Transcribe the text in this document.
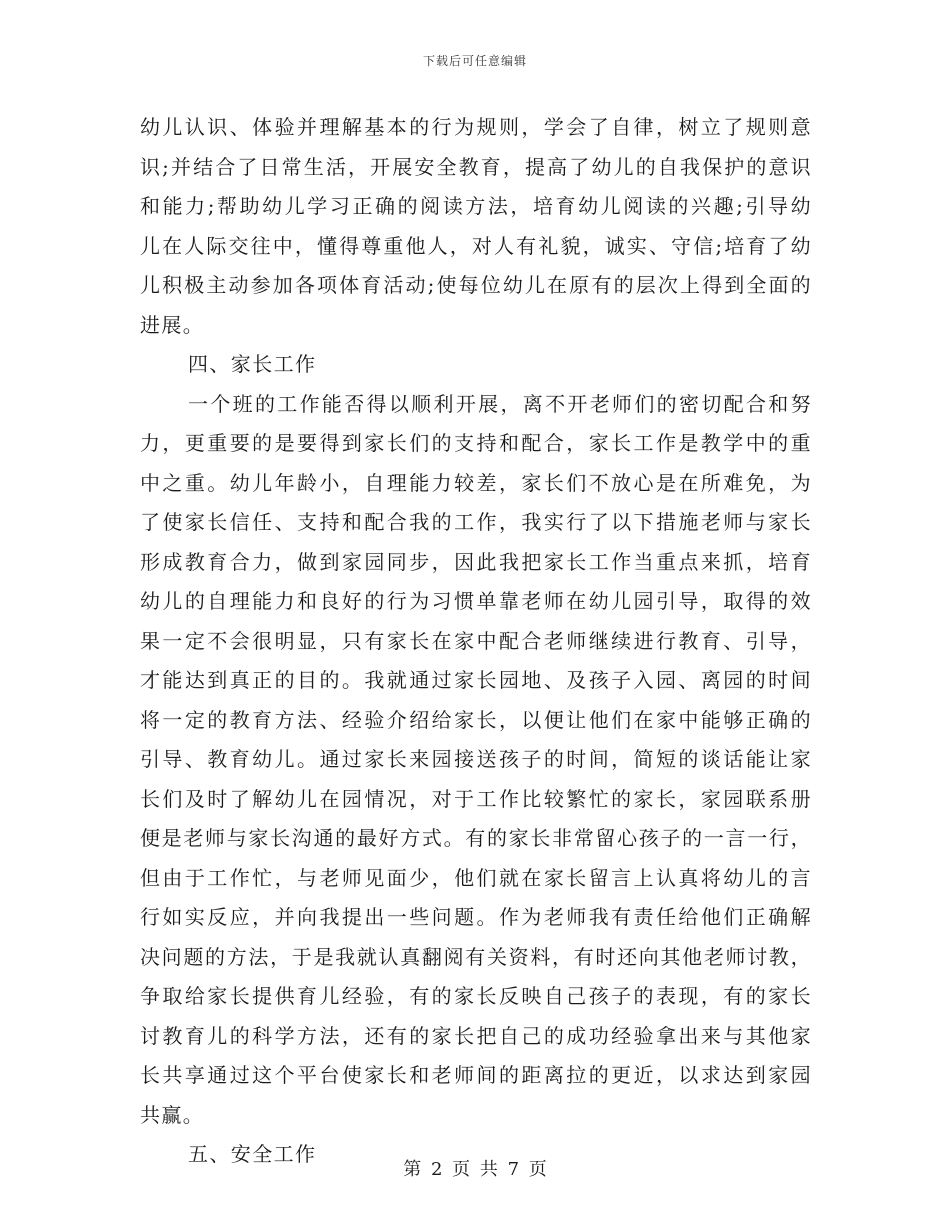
下载后可任意编辑
幼儿认识、体验并理解基本的行为规则，学会了自律，树立了规则意
识;并结合了日常生活，开展安全教育，提高了幼儿的自我保护的意识
和能力;帮助幼儿学习正确的阅读方法，培育幼儿阅读的兴趣;引导幼
儿在人际交往中，懂得尊重他人，对人有礼貌，诚实、守信;培育了幼
儿积极主动参加各项体育活动;使每位幼儿在原有的层次上得到全面的
进展。
四、家长工作
一个班的工作能否得以顺利开展，离不开老师们的密切配合和努
力，更重要的是要得到家长们的支持和配合，家长工作是教学中的重
中之重。幼儿年龄小，自理能力较差，家长们不放心是在所难免，为
了使家长信任、支持和配合我的工作，我实行了以下措施老师与家长
形成教育合力，做到家园同步，因此我把家长工作当重点来抓，培育
幼儿的自理能力和良好的行为习惯单靠老师在幼儿园引导，取得的效
果一定不会很明显，只有家长在家中配合老师继续进行教育、引导，
才能达到真正的目的。我就通过家长园地、及孩子入园、离园的时间
将一定的教育方法、经验介绍给家长，以便让他们在家中能够正确的
引导、教育幼儿。通过家长来园接送孩子的时间，简短的谈话能让家
长们及时了解幼儿在园情况，对于工作比较繁忙的家长，家园联系册
便是老师与家长沟通的最好方式。有的家长非常留心孩子的一言一行，
但由于工作忙，与老师见面少，他们就在家长留言上认真将幼儿的言
行如实反应，并向我提出一些问题。作为老师我有责任给他们正确解
决问题的方法，于是我就认真翻阅有关资料，有时还向其他老师讨教，
争取给家长提供育儿经验，有的家长反映自己孩子的表现，有的家长
讨教育儿的科学方法，还有的家长把自己的成功经验拿出来与其他家
长共享通过这个平台使家长和老师间的距离拉的更近，以求达到家园
共赢。
五、安全工作
第 2 页 共 7 页
